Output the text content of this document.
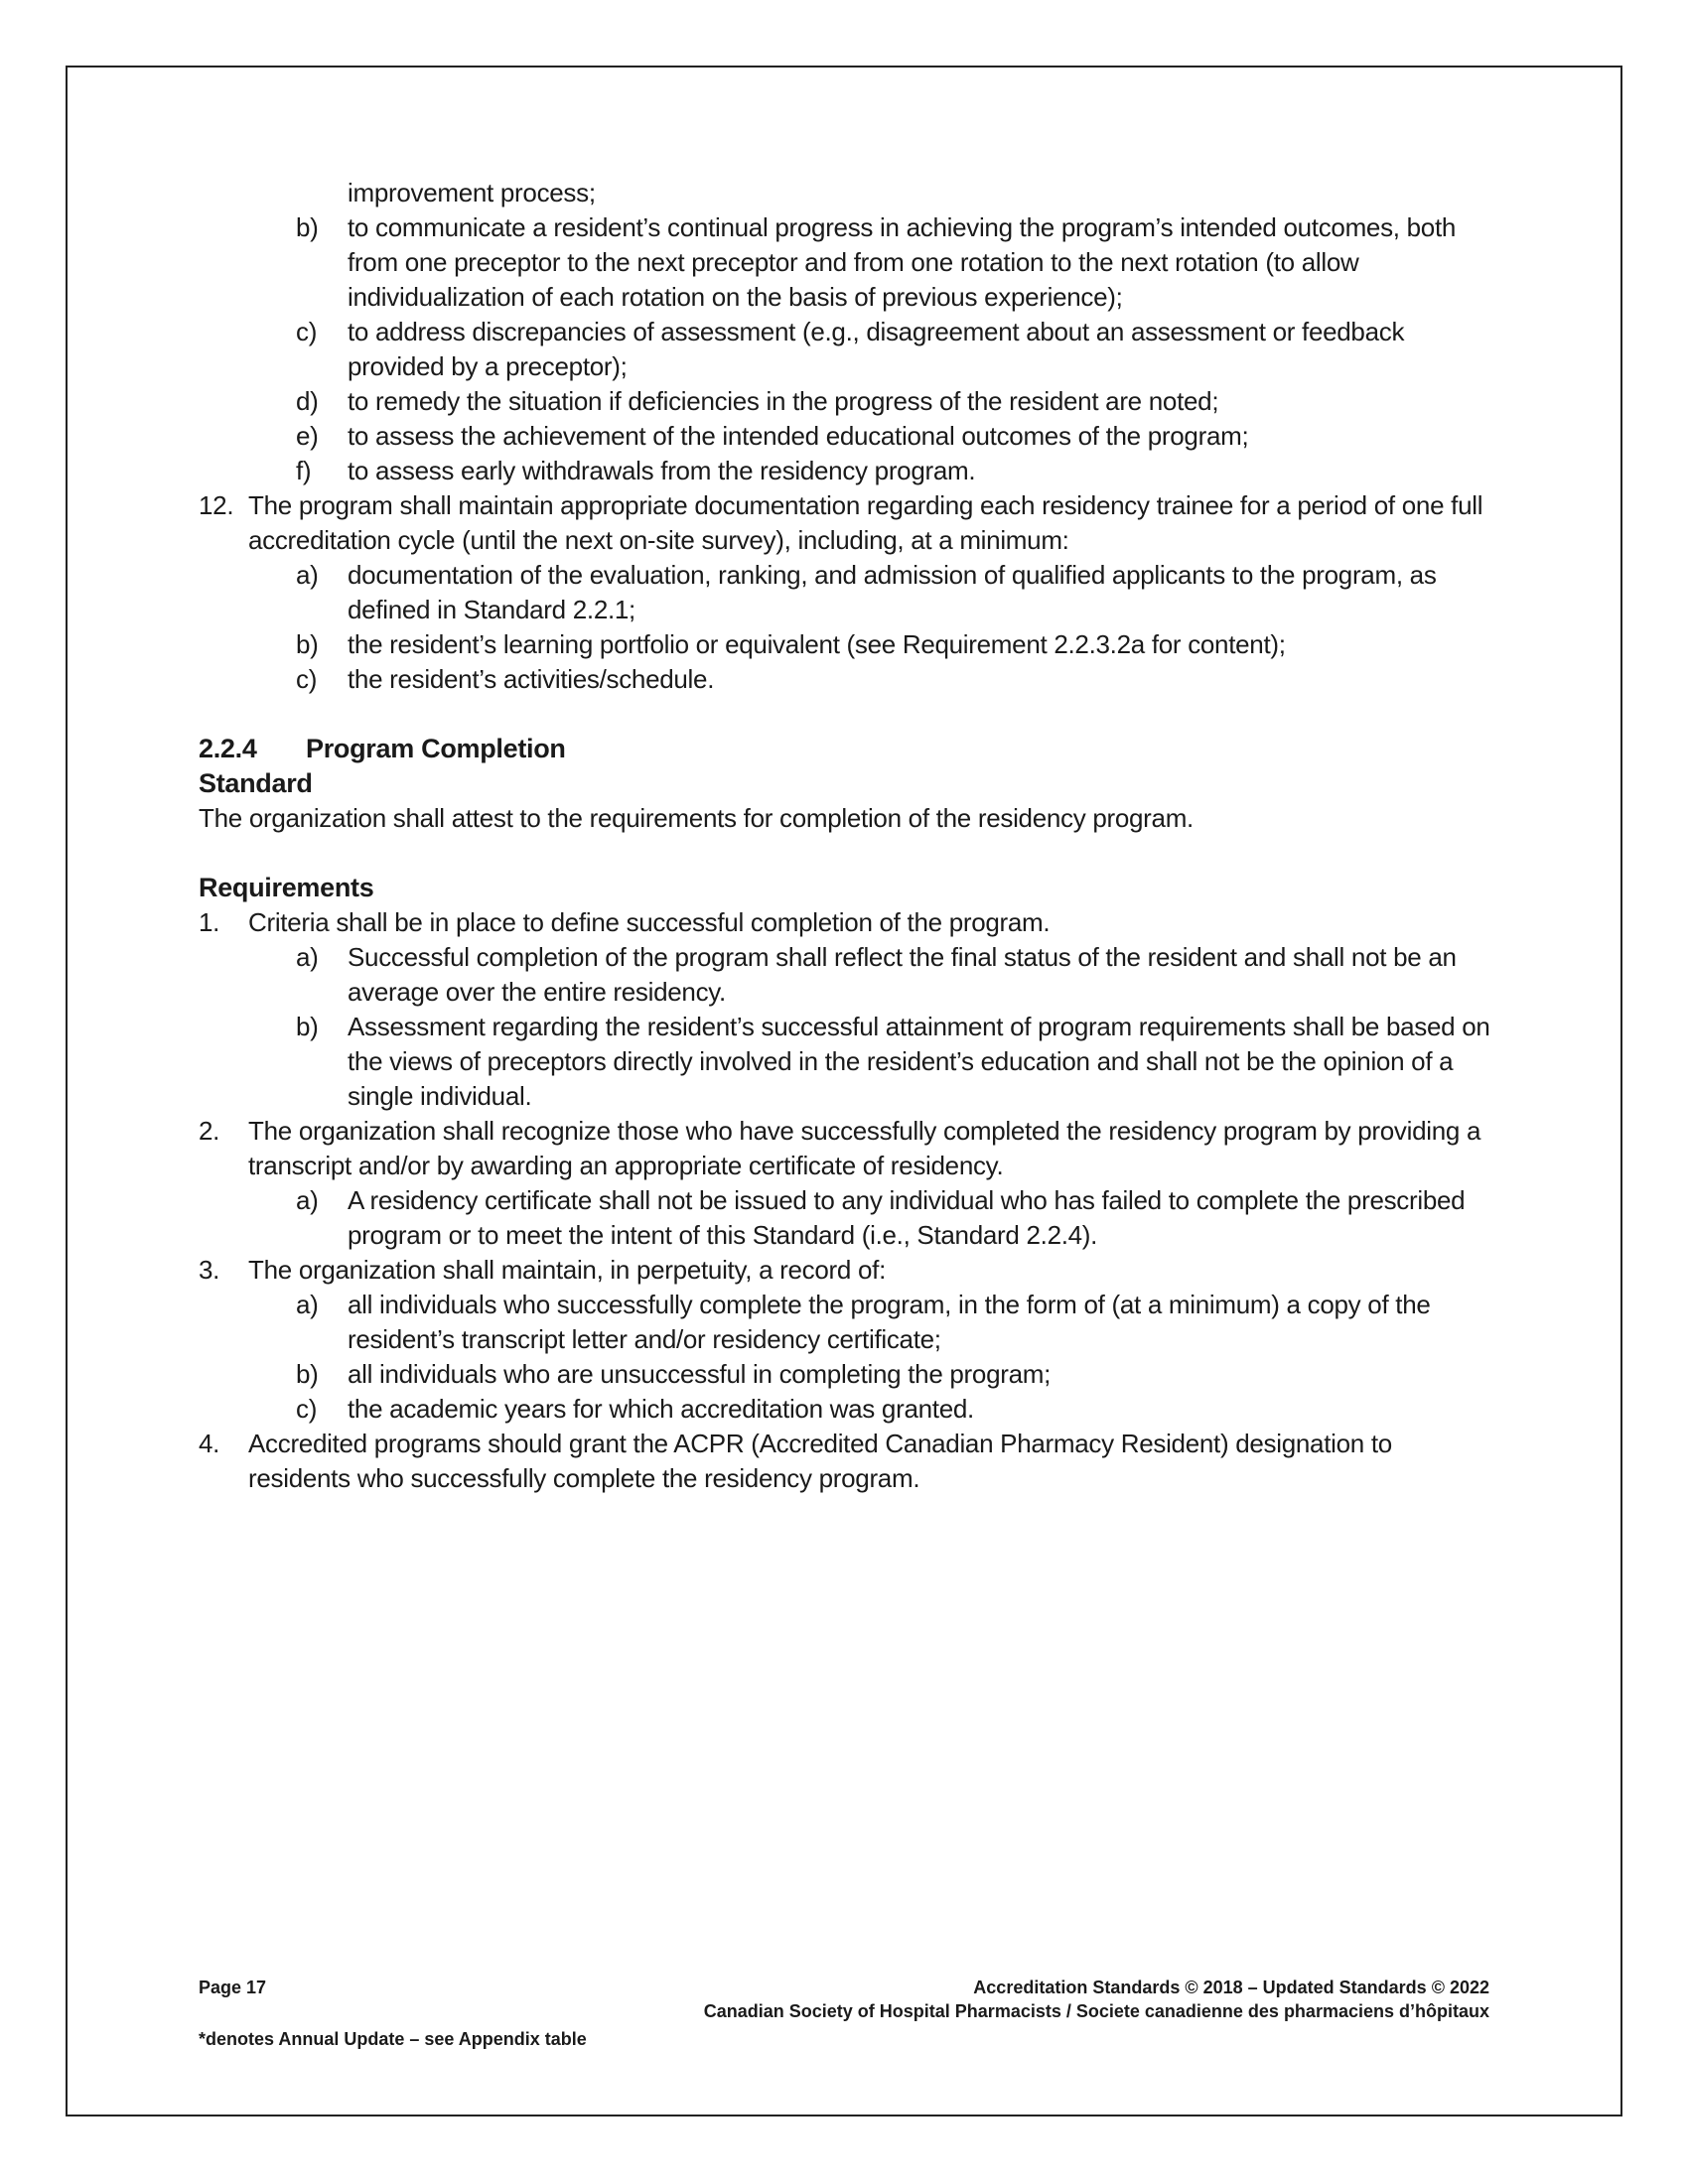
improvement process;
b) to communicate a resident’s continual progress in achieving the program’s intended outcomes, both from one preceptor to the next preceptor and from one rotation to the next rotation (to allow individualization of each rotation on the basis of previous experience);
c) to address discrepancies of assessment (e.g., disagreement about an assessment or feedback provided by a preceptor);
d) to remedy the situation if deficiencies in the progress of the resident are noted;
e) to assess the achievement of the intended educational outcomes of the program;
f) to assess early withdrawals from the residency program.
12. The program shall maintain appropriate documentation regarding each residency trainee for a period of one full accreditation cycle (until the next on-site survey), including, at a minimum:
a) documentation of the evaluation, ranking, and admission of qualified applicants to the program, as defined in Standard 2.2.1;
b) the resident’s learning portfolio or equivalent (see Requirement 2.2.3.2a for content);
c) the resident’s activities/schedule.
2.2.4 Program Completion
Standard
The organization shall attest to the requirements for completion of the residency program.
Requirements
1. Criteria shall be in place to define successful completion of the program.
a) Successful completion of the program shall reflect the final status of the resident and shall not be an average over the entire residency.
b) Assessment regarding the resident’s successful attainment of program requirements shall be based on the views of preceptors directly involved in the resident’s education and shall not be the opinion of a single individual.
2. The organization shall recognize those who have successfully completed the residency program by providing a transcript and/or by awarding an appropriate certificate of residency.
a) A residency certificate shall not be issued to any individual who has failed to complete the prescribed program or to meet the intent of this Standard (i.e., Standard 2.2.4).
3. The organization shall maintain, in perpetuity, a record of:
a) all individuals who successfully complete the program, in the form of (at a minimum) a copy of the resident’s transcript letter and/or residency certificate;
b) all individuals who are unsuccessful in completing the program;
c) the academic years for which accreditation was granted.
4. Accredited programs should grant the ACPR (Accredited Canadian Pharmacy Resident) designation to residents who successfully complete the residency program.
Page 17	Accreditation Standards © 2018 – Updated Standards © 2022
Canadian Society of Hospital Pharmacists / Societe canadienne des pharmaciens d’hôpitaux
*denotes Annual Update – see Appendix table
